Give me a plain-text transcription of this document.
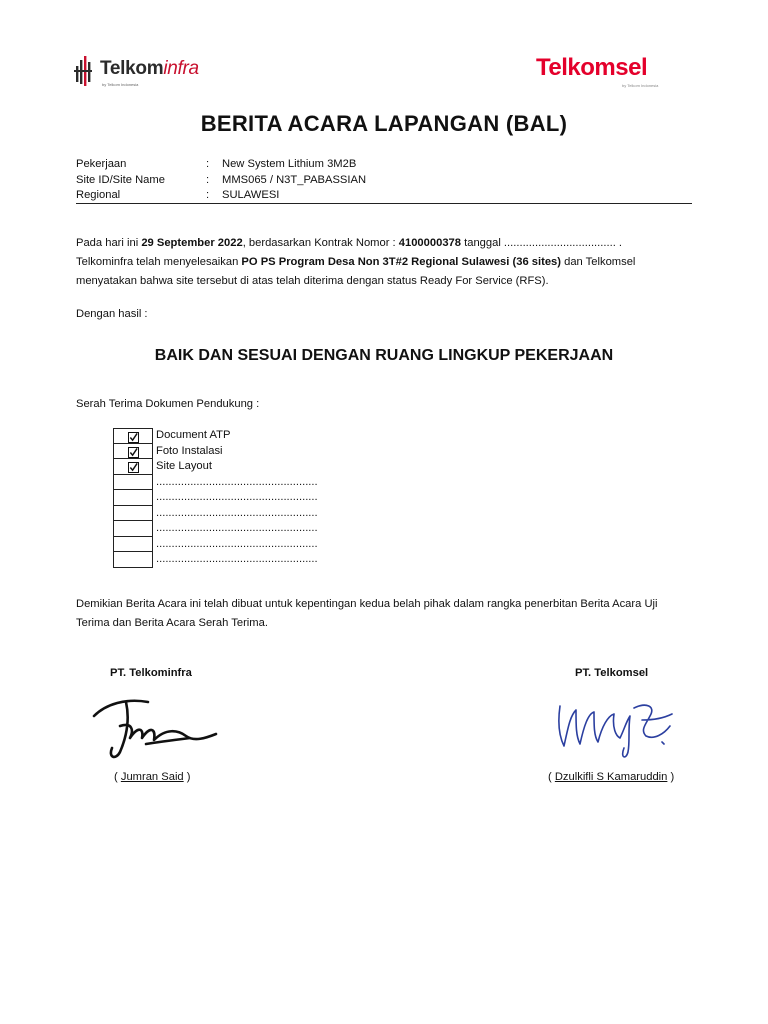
Telkominfra
by Telkom Indonesia
Telkomsel
by Telkom Indonesia
BERITA ACARA LAPANGAN (BAL)
Pekerjaan	: New System Lithium 3M2B
Site ID/Site Name	: MMS065 / N3T_PABASSIAN
Regional	: SULAWESI

Pada hari ini 29 September 2022, berdasarkan Kontrak Nomor : 4100000378 tanggal .................................... .

Telkominfra telah menyelesaikan PO PS Program Desa Non 3T#2 Regional Sulawesi (36 sites) dan Telkomsel

menyatakan bahwa site tersebut di atas telah diterima dengan status Ready For Service (RFS).

Dengan hasil :

BAIK DAN SESUAI DENGAN RUANG LINGKUP PEKERJAAN
Serah Terima Dokumen Pendukung :
Document ATP
Foto Instalasi
Site Layout
....................................................
....................................................
....................................................
....................................................
....................................................
....................................................

Demikian Berita Acara ini telah dibuat untuk kepentingan kedua belah pihak dalam rangka penerbitan Berita Acara Uji

Terima dan Berita Acara Serah Terima.

PT. Telkominfra	PT. Telkomsel
( Jumran Said )	( Dzulkifli S Kamaruddin )
